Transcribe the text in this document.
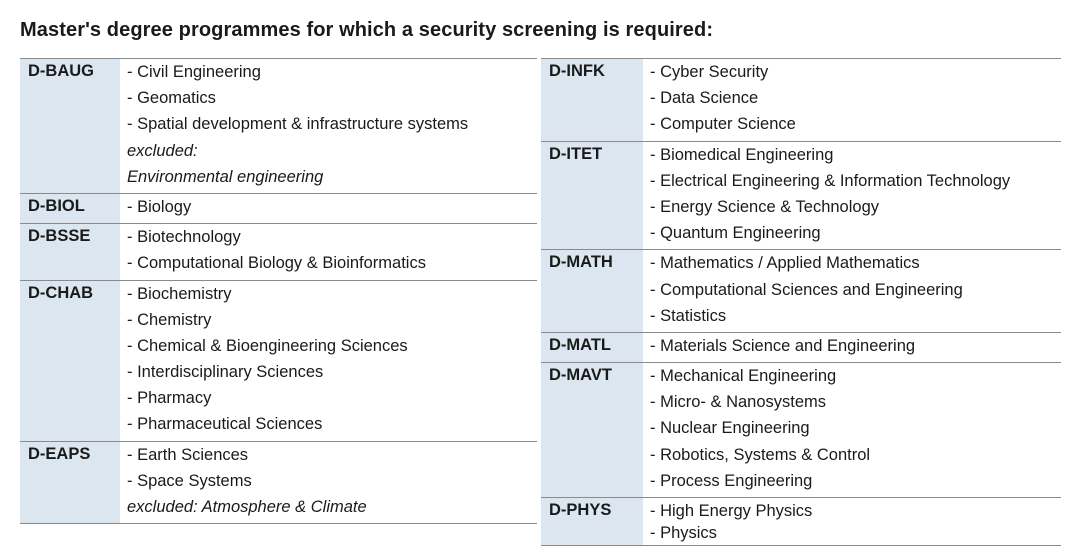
Master's degree programmes for which a security screening is required:
D-BAUG	- Civil Engineering
- Geomatics
- Spatial development & infrastructure systems
excluded:
Environmental engineering
D-BIOL	- Biology
D-BSSE	- Biotechnology
- Computational Biology & Bioinformatics
D-CHAB	- Biochemistry
- Chemistry
- Chemical & Bioengineering Sciences
- Interdisciplinary Sciences
- Pharmacy
- Pharmaceutical Sciences
D-EAPS	- Earth Sciences
- Space Systems
excluded: Atmosphere & Climate
D-INFK	- Cyber Security
- Data Science
- Computer Science
D-ITET	- Biomedical Engineering
- Electrical Engineering & Information Technology
- Energy Science & Technology
- Quantum Engineering
D-MATH	- Mathematics / Applied Mathematics
- Computational Sciences and Engineering
- Statistics
D-MATL	- Materials Science and Engineering
D-MAVT	- Mechanical Engineering
- Micro- & Nanosystems
- Nuclear Engineering
- Robotics, Systems & Control
- Process Engineering
D-PHYS	- High Energy Physics
- Physics
